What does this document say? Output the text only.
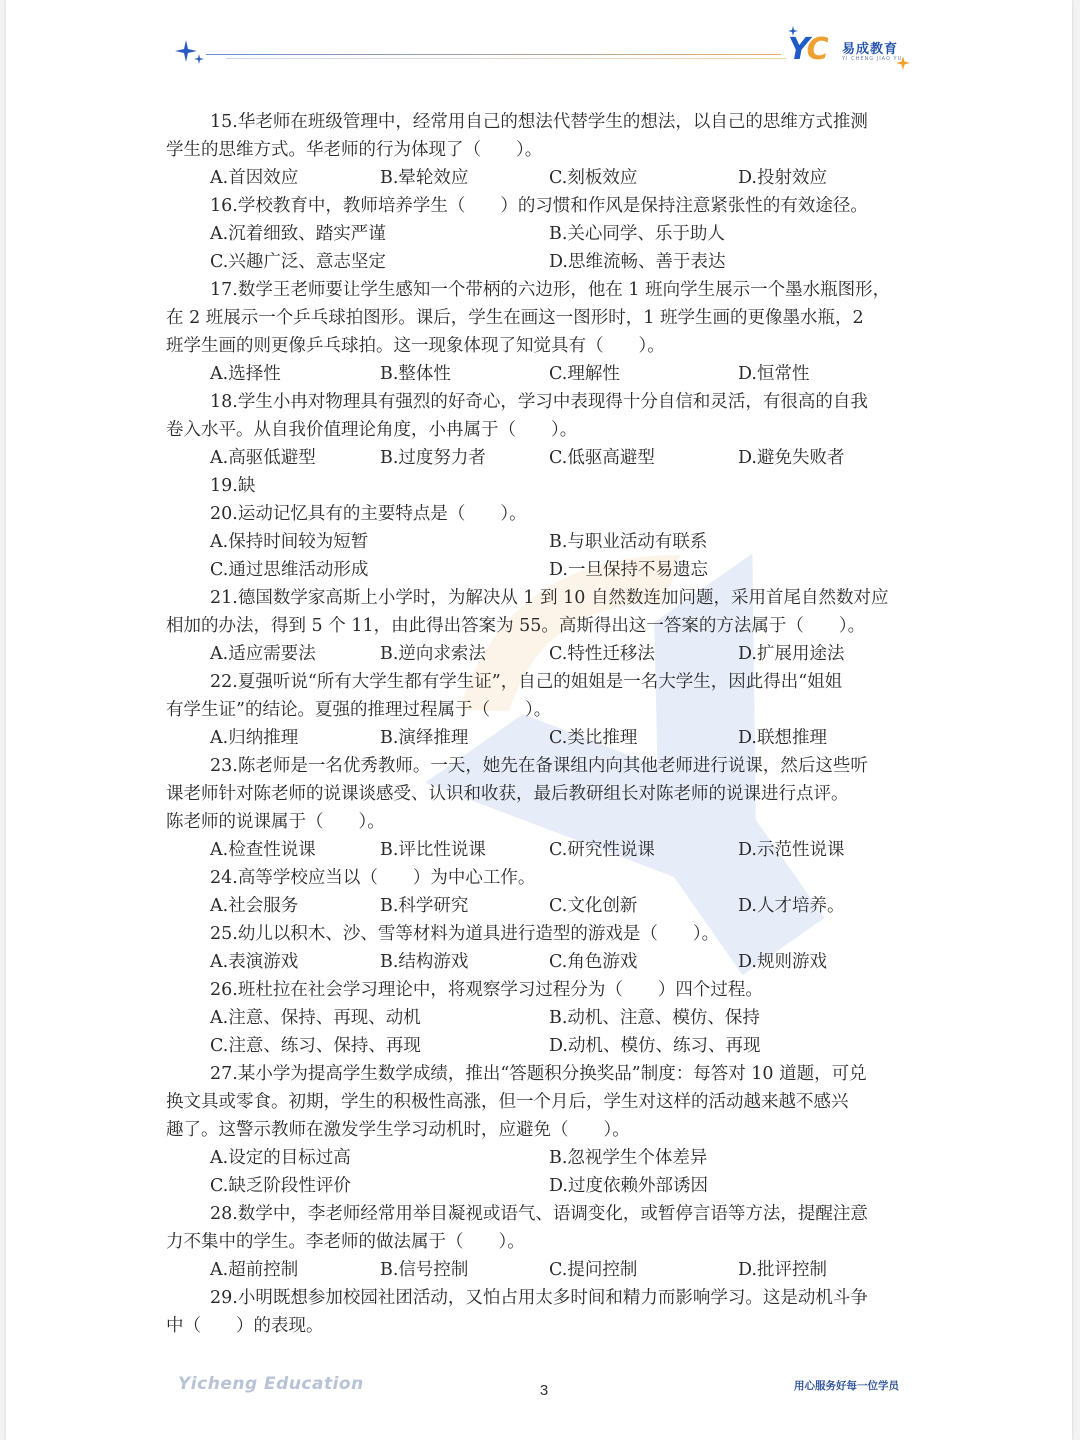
YC 易成教育
YI CHENG JIAO YU
15.华老师在班级管理中，经常用自己的想法代替学生的想法，以自己的思维方式推测
学生的思维方式。华老师的行为体现了（　　）。
A.首因效应	B.晕轮效应	C.刻板效应	D.投射效应
16.学校教育中，教师培养学生（　　）的习惯和作风是保持注意紧张性的有效途径。
A.沉着细致、踏实严谨	B.关心同学、乐于助人
C.兴趣广泛、意志坚定	D.思维流畅、善于表达
17.数学王老师要让学生感知一个带柄的六边形，他在 1 班向学生展示一个墨水瓶图形，
在 2 班展示一个乒乓球拍图形。课后，学生在画这一图形时，1 班学生画的更像墨水瓶，2
班学生画的则更像乒乓球拍。这一现象体现了知觉具有（　　）。
A.选择性	B.整体性	C.理解性	D.恒常性
18.学生小冉对物理具有强烈的好奇心，学习中表现得十分自信和灵活，有很高的自我
卷入水平。从自我价值理论角度，小冉属于（　　）。
A.高驱低避型	B.过度努力者	C.低驱高避型	D.避免失败者
19.缺
20.运动记忆具有的主要特点是（　　）。
A.保持时间较为短暂	B.与职业活动有联系
C.通过思维活动形成	D.一旦保持不易遗忘
21.德国数学家高斯上小学时，为解决从 1 到 10 自然数连加问题，采用首尾自然数对应
相加的办法，得到 5 个 11，由此得出答案为 55。高斯得出这一答案的方法属于（　　）。
A.适应需要法	B.逆向求索法	C.特性迁移法	D.扩展用途法
22.夏强听说“所有大学生都有学生证”，自己的姐姐是一名大学生，因此得出“姐姐
有学生证”的结论。夏强的推理过程属于（　　）。
A.归纳推理	B.演绎推理	C.类比推理	D.联想推理
23.陈老师是一名优秀教师。一天，她先在备课组内向其他老师进行说课，然后这些听
课老师针对陈老师的说课谈感受、认识和收获，最后教研组长对陈老师的说课进行点评。
陈老师的说课属于（　　）。
A.检查性说课	B.评比性说课	C.研究性说课	D.示范性说课
24.高等学校应当以（　　）为中心工作。
A.社会服务	B.科学研究	C.文化创新	D.人才培养。
25.幼儿以积木、沙、雪等材料为道具进行造型的游戏是（　　）。
A.表演游戏	B.结构游戏	C.角色游戏	D.规则游戏
26.班杜拉在社会学习理论中，将观察学习过程分为（　　）四个过程。
A.注意、保持、再现、动机	B.动机、注意、模仿、保持
C.注意、练习、保持、再现	D.动机、模仿、练习、再现
27.某小学为提高学生数学成绩，推出“答题积分换奖品”制度：每答对 10 道题，可兑
换文具或零食。初期，学生的积极性高涨，但一个月后，学生对这样的活动越来越不感兴
趣了。这警示教师在激发学生学习动机时，应避免（　　）。
A.设定的目标过高	B.忽视学生个体差异
C.缺乏阶段性评价	D.过度依赖外部诱因
28.数学中，李老师经常用举目凝视或语气、语调变化，或暂停言语等方法，提醒注意
力不集中的学生。李老师的做法属于（　　）。
A.超前控制	B.信号控制	C.提问控制	D.批评控制
29.小明既想参加校园社团活动，又怕占用太多时间和精力而影响学习。这是动机斗争
中（　　）的表现。
Yicheng Education	3	用心服务好每一位学员
